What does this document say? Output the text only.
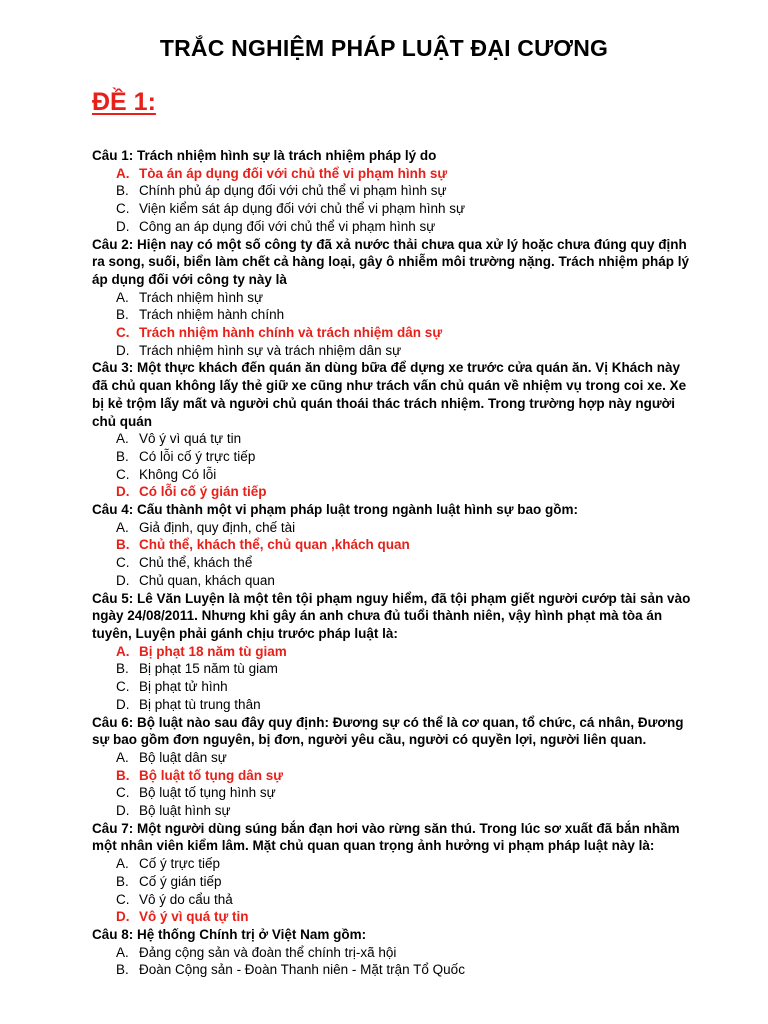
TRẮC NGHIỆM PHÁP LUẬT ĐẠI CƯƠNG
ĐỀ 1:
Câu 1: Trách nhiệm hình sự là trách nhiệm pháp lý do
A. Tòa án áp dụng đối với chủ thể vi phạm hình sự
B. Chính phủ áp dụng đối với chủ thể vi phạm hình sự
C. Viện kiểm sát áp dụng đối với chủ thể vi phạm hình sự
D. Công an áp dụng đối với chủ thể vi phạm hình sự
Câu 2: Hiện nay có một số công ty đã xả nước thải chưa qua xử lý hoặc chưa đúng quy định ra song, suối, biển làm chết cả hàng loại, gây ô nhiễm môi trường nặng. Trách nhiệm pháp lý áp dụng đối với công ty này là
A. Trách nhiệm hình sự
B. Trách nhiệm hành chính
C. Trách nhiệm hành chính và trách nhiệm dân sự
D. Trách nhiệm hình sự và trách nhiệm dân sự
Câu 3: Một thực khách đến quán ăn dùng bữa để dựng xe trước cửa quán ăn. Vị Khách này đã chủ quan không lấy thẻ giữ xe cũng như trách vấn chủ quán về nhiệm vụ trong coi xe. Xe bị kẻ trộm lấy mất và người chủ quán thoái thác trách nhiệm. Trong trường hợp này người chủ quán
A. Vô ý vì quá tự tin
B. Có lỗi cố ý trực tiếp
C. Không Có lỗi
D. Có lỗi cố ý gián tiếp
Câu 4: Cấu thành một vi phạm pháp luật trong ngành luật hình sự bao gồm:
A. Giả định, quy định, chế tài
B. Chủ thể, khách thể, chủ quan ,khách quan
C. Chủ thể, khách thể
D. Chủ quan, khách quan
Câu 5: Lê Văn Luyện là một tên tội phạm nguy hiểm, đã tội phạm giết người cướp tài sản vào ngày 24/08/2011. Nhưng khi gây án anh chưa đủ tuổi thành niên, vậy hình phạt mà tòa án tuyên, Luyện phải gánh chịu trước pháp luật là:
A. Bị phạt 18 năm tù giam
B. Bị phạt 15 năm tù giam
C. Bị phạt tử hình
D. Bị phạt tù trung thân
Câu 6: Bộ luật nào sau đây quy định: Đương sự có thể là cơ quan, tổ chức, cá nhân, Đương sự bao gồm đơn nguyên, bị đơn, người yêu cầu, người có quyền lợi, người liên quan.
A. Bộ luật dân sự
B. Bộ luật tố tụng dân sự
C. Bộ luật tố tụng hình sự
D. Bộ luật hình sự
Câu 7: Một người dùng súng bắn đạn hơi vào rừng săn thú. Trong lúc sơ xuất đã bắn nhầm một nhân viên kiểm lâm. Mặt chủ quan quan trọng ảnh hưởng vi phạm pháp luật này là:
A. Cố ý trực tiếp
B. Cố ý gián tiếp
C. Vô ý do cẩu thả
D. Vô ý vì quá tự tin
Câu 8: Hệ thống Chính trị ở Việt Nam gồm:
A. Đảng cộng sản và đoàn thể chính trị-xã hội
B. Đoàn Cộng sản - Đoàn Thanh niên - Mặt trận Tổ Quốc
